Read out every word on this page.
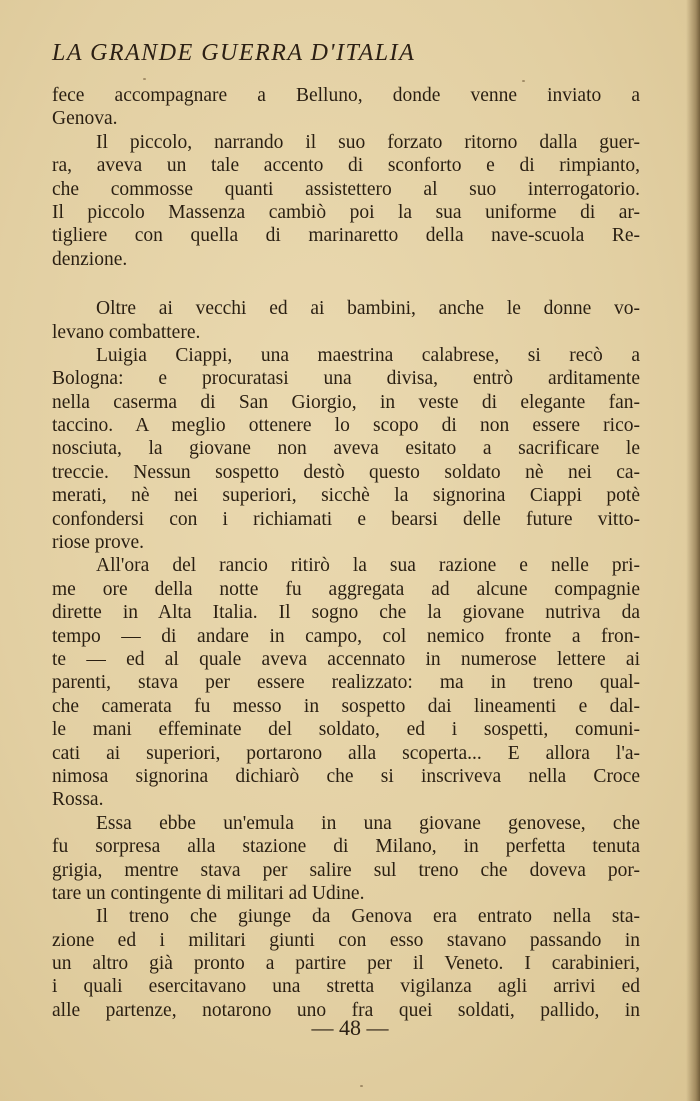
LA GRANDE GUERRA D'ITALIA
fece accompagnare a Belluno, donde venne inviato a
Genova.
Il piccolo, narrando il suo forzato ritorno dalla guer-
ra, aveva un tale accento di sconforto e di rimpianto,
che commosse quanti assistettero al suo interrogatorio.
Il piccolo Massenza cambiò poi la sua uniforme di ar-
tigliere con quella di marinaretto della nave-scuola Re-
denzione.
Oltre ai vecchi ed ai bambini, anche le donne vo-
levano combattere.
Luigia Ciappi, una maestrina calabrese, si recò a
Bologna: e procuratasi una divisa, entrò arditamente
nella caserma di San Giorgio, in veste di elegante fan-
taccino. A meglio ottenere lo scopo di non essere rico-
nosciuta, la giovane non aveva esitato a sacrificare le
treccie. Nessun sospetto destò questo soldato nè nei ca-
merati, nè nei superiori, sicchè la signorina Ciappi potè
confondersi con i richiamati e bearsi delle future vitto-
riose prove.
All'ora del rancio ritirò la sua razione e nelle pri-
me ore della notte fu aggregata ad alcune compagnie
dirette in Alta Italia. Il sogno che la giovane nutriva da
tempo — di andare in campo, col nemico fronte a fron-
te — ed al quale aveva accennato in numerose lettere ai
parenti, stava per essere realizzato: ma in treno qual-
che camerata fu messo in sospetto dai lineamenti e dal-
le mani effeminate del soldato, ed i sospetti, comuni-
cati ai superiori, portarono alla scoperta... E allora l'a-
nimosa signorina dichiarò che si inscriveva nella Croce
Rossa.
Essa ebbe un'emula in una giovane genovese, che
fu sorpresa alla stazione di Milano, in perfetta tenuta
grigia, mentre stava per salire sul treno che doveva por-
tare un contingente di militari ad Udine.
Il treno che giunge da Genova era entrato nella sta-
zione ed i militari giunti con esso stavano passando in
un altro già pronto a partire per il Veneto. I carabinieri,
i quali esercitavano una stretta vigilanza agli arrivi ed
alle partenze, notarono uno fra quei soldati, pallido, in
— 48 —
